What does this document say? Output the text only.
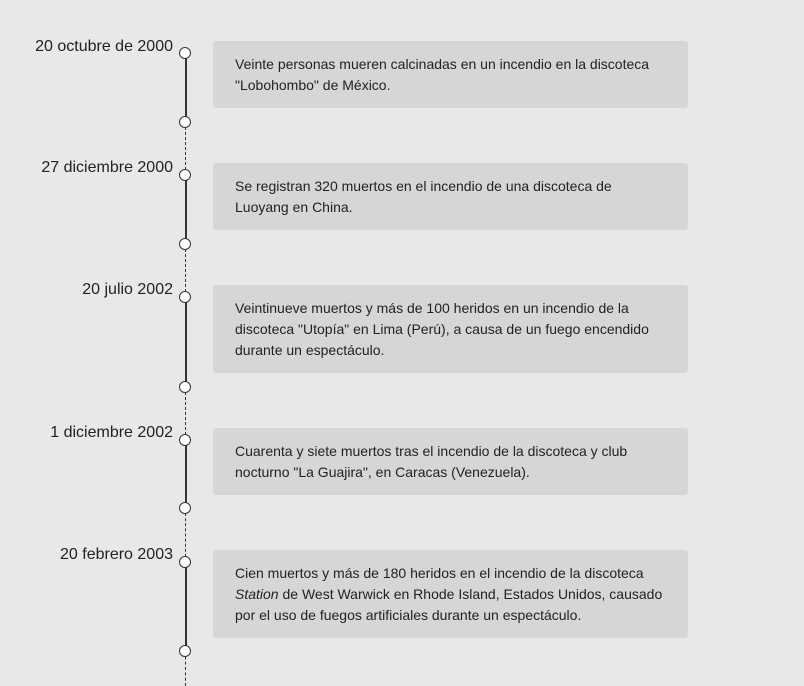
20 octubre de 2000
Veinte personas mueren calcinadas en un incendio en la discoteca "Lobohombo" de México.
27 diciembre 2000
Se registran 320 muertos en el incendio de una discoteca de Luoyang en China.
20 julio 2002
Veintinueve muertos y más de 100 heridos en un incendio de la discoteca "Utopía" en Lima (Perú), a causa de un fuego encendido durante un espectáculo.
1 diciembre 2002
Cuarenta y siete muertos tras el incendio de la discoteca y club nocturno "La Guajira", en Caracas (Venezuela).
20 febrero 2003
Cien muertos y más de 180 heridos en el incendio de la discoteca Station de West Warwick en Rhode Island, Estados Unidos, causado por el uso de fuegos artificiales durante un espectáculo.
